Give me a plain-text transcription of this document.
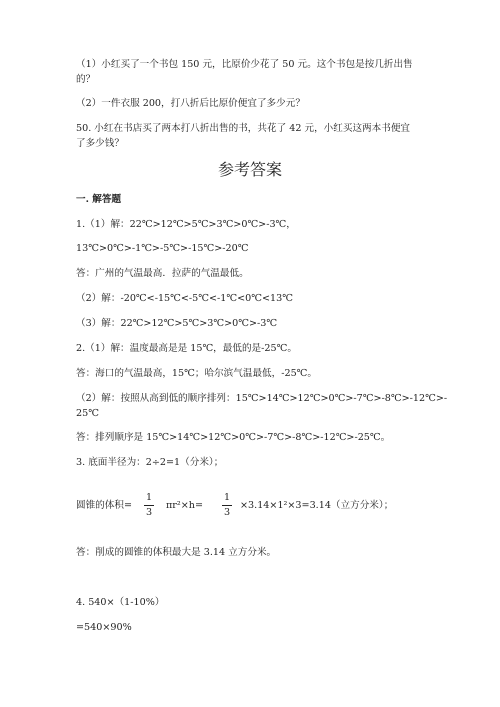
（1）小红买了一个书包 150 元，比原价少花了 50 元。这个书包是按几折出售
的？
（2）一件衣服 200，打八折后比原价便宜了多少元？
50. 小红在书店买了两本打八折出售的书，共花了 42 元，小红买这两本书便宜
了多少钱？
参考答案
一. 解答题
1.（1）解：22℃>12℃>5℃>3℃>0℃>-3℃，
13℃>0℃>-1℃>-5℃>-15℃>-20℃
答：广州的气温最高．拉萨的气温最低。
（2）解：-20℃<-15℃<-5℃<-1℃<0℃<13℃
（3）解：22℃>12℃>5℃>3℃>0℃>-3℃
2.（1）解：温度最高是是 15℃，最低的是-25℃。
答：海口的气温最高，15℃；哈尔滨气温最低，-25℃。
（2）解：按照从高到低的顺序排列：15℃>14℃>12℃>0℃>-7℃>-8℃>-12℃>-
25℃
答：排列顺序是 15℃>14℃>12℃>0℃>-7℃>-8℃>-12℃>-25℃。
3. 底面半径为：2÷2=1（分米）；
圆锥的体积=
1
3
πr²×h=
1
3
×3.14×1²×3=3.14（立方分米）；
答：削成的圆锥的体积最大是 3.14 立方分米。
4. 540×（1-10%）
=540×90%
